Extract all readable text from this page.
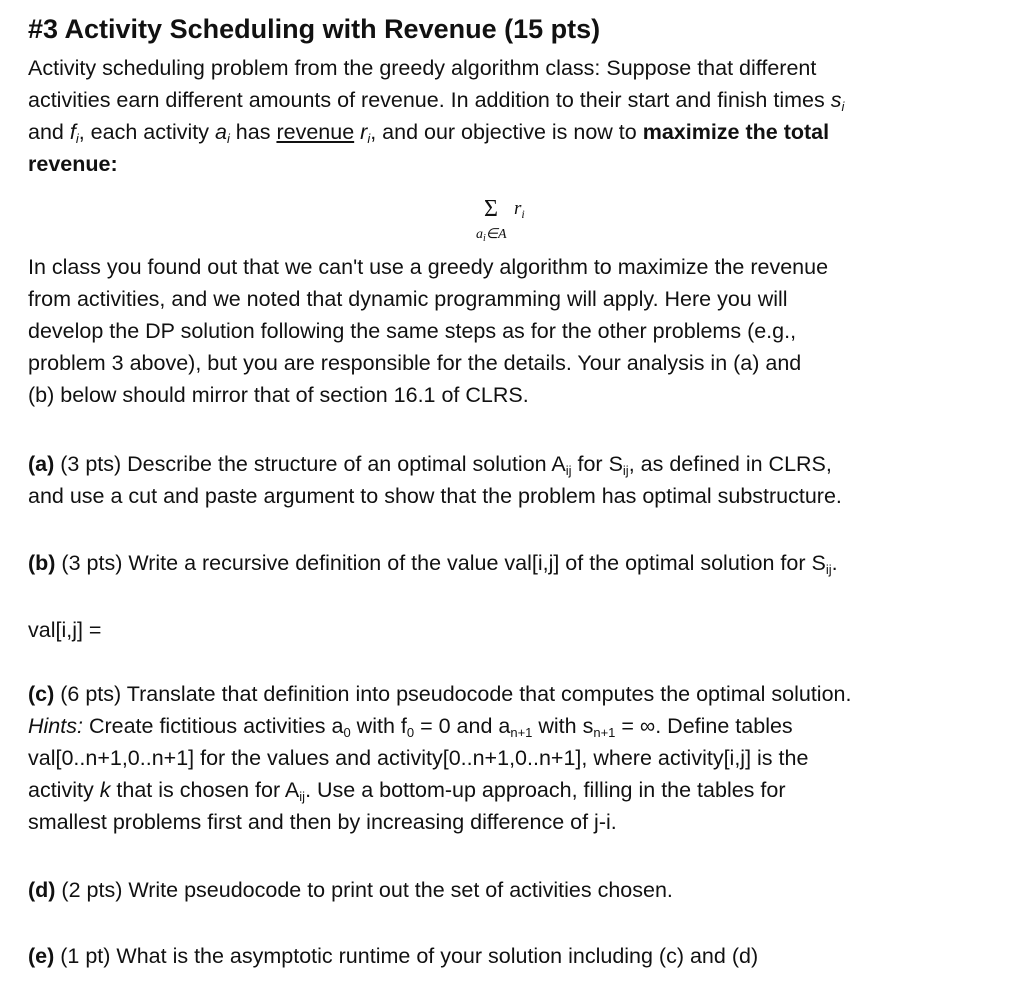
#3 Activity Scheduling with Revenue (15 pts)

Activity scheduling problem from the greedy algorithm class: Suppose that different
activities earn different amounts of revenue. In addition to their start and finish times $s_i$
and $f_i$, each activity $a_i$ has revenue $r_i$, and our objective is now to maximize the total
revenue:

Σ $r_i$
$a_i\in A$

In class you found out that we can't use a greedy algorithm to maximize the revenue
from activities, and we noted that dynamic programming will apply. Here you will
develop the DP solution following the same steps as for the other problems (e.g.,
problem 3 above), but you are responsible for the details. Your analysis in (a) and
(b) below should mirror that of section 16.1 of CLRS.

(a) (3 pts) Describe the structure of an optimal solution $A_{ij}$ for $S_{ij}$, as defined in CLRS,
and use a cut and paste argument to show that the problem has optimal substructure.

(b) (3 pts) Write a recursive definition of the value val[i,j] of the optimal solution for $S_{ij}$.

val[i,j] =

(c) (6 pts) Translate that definition into pseudocode that computes the optimal solution.
Hints: Create fictitious activities $a_0$ with $f_0 = 0$ and $a_{n+1}$ with $s_{n+1}$ = ∞. Define tables
val[0..n+1,0..n+1] for the values and activity[0..n+1,0..n+1], where activity[i,j] is the
activity k that is chosen for $A_{ij}$. Use a bottom-up approach, filling in the tables for
smallest problems first and then by increasing difference of j-i.

(d) (2 pts) Write pseudocode to print out the set of activities chosen.

(e) (1 pt) What is the asymptotic runtime of your solution including (c) and (d)
